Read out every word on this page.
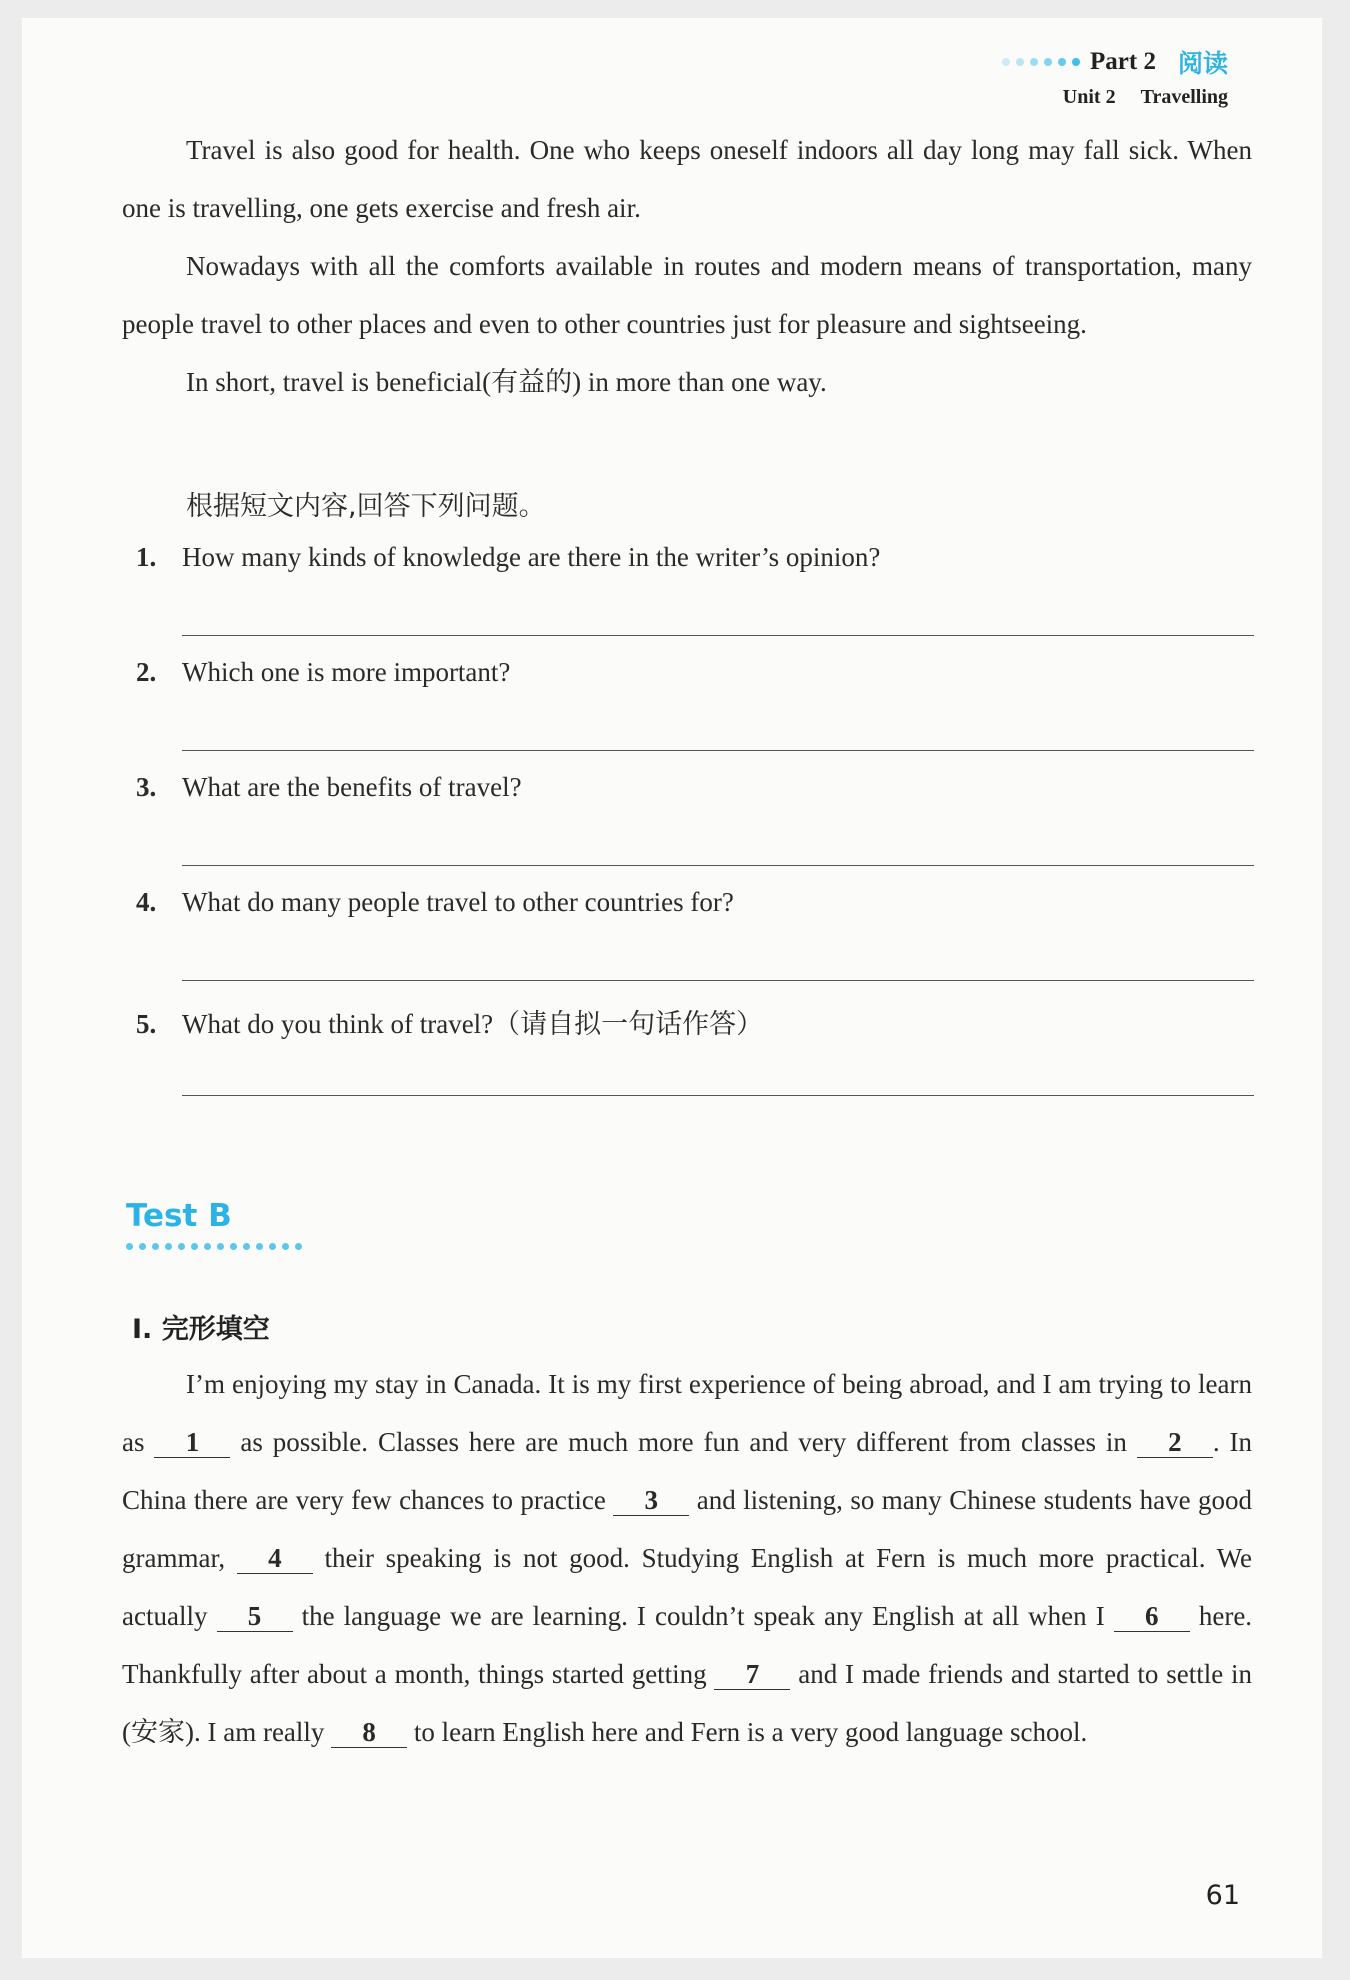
Part 2 阅读
Unit 2 Travelling

Travel is also good for health. One who keeps oneself indoors all day long may fall sick. When one is travelling, one gets exercise and fresh air.

Nowadays with all the comforts available in routes and modern means of transportation, many people travel to other places and even to other countries just for pleasure and sightseeing.

In short, travel is beneficial(有益的) in more than one way.

根据短文内容,回答下列问题。
1. How many kinds of knowledge are there in the writer’s opinion?
2. Which one is more important?
3. What are the benefits of travel?
4. What do many people travel to other countries for?
5. What do you think of travel?（请自拟一句话作答）
Test B
Ⅰ. 完形填空

I’m enjoying my stay in Canada. It is my first experience of being abroad, and I am trying to learn as 1 as possible. Classes here are much more fun and very different from classes in 2 . In China there are very few chances to practice 3 and listening, so many Chinese students have good grammar, 4 their speaking is not good. Studying English at Fern is much more practical. We actually 5 the language we are learning. I couldn’t speak any English at all when I 6 here. Thankfully after about a month, things started getting 7 and I made friends and started to settle in (安家). I am really 8 to learn English here and Fern is a very good language school.

61
